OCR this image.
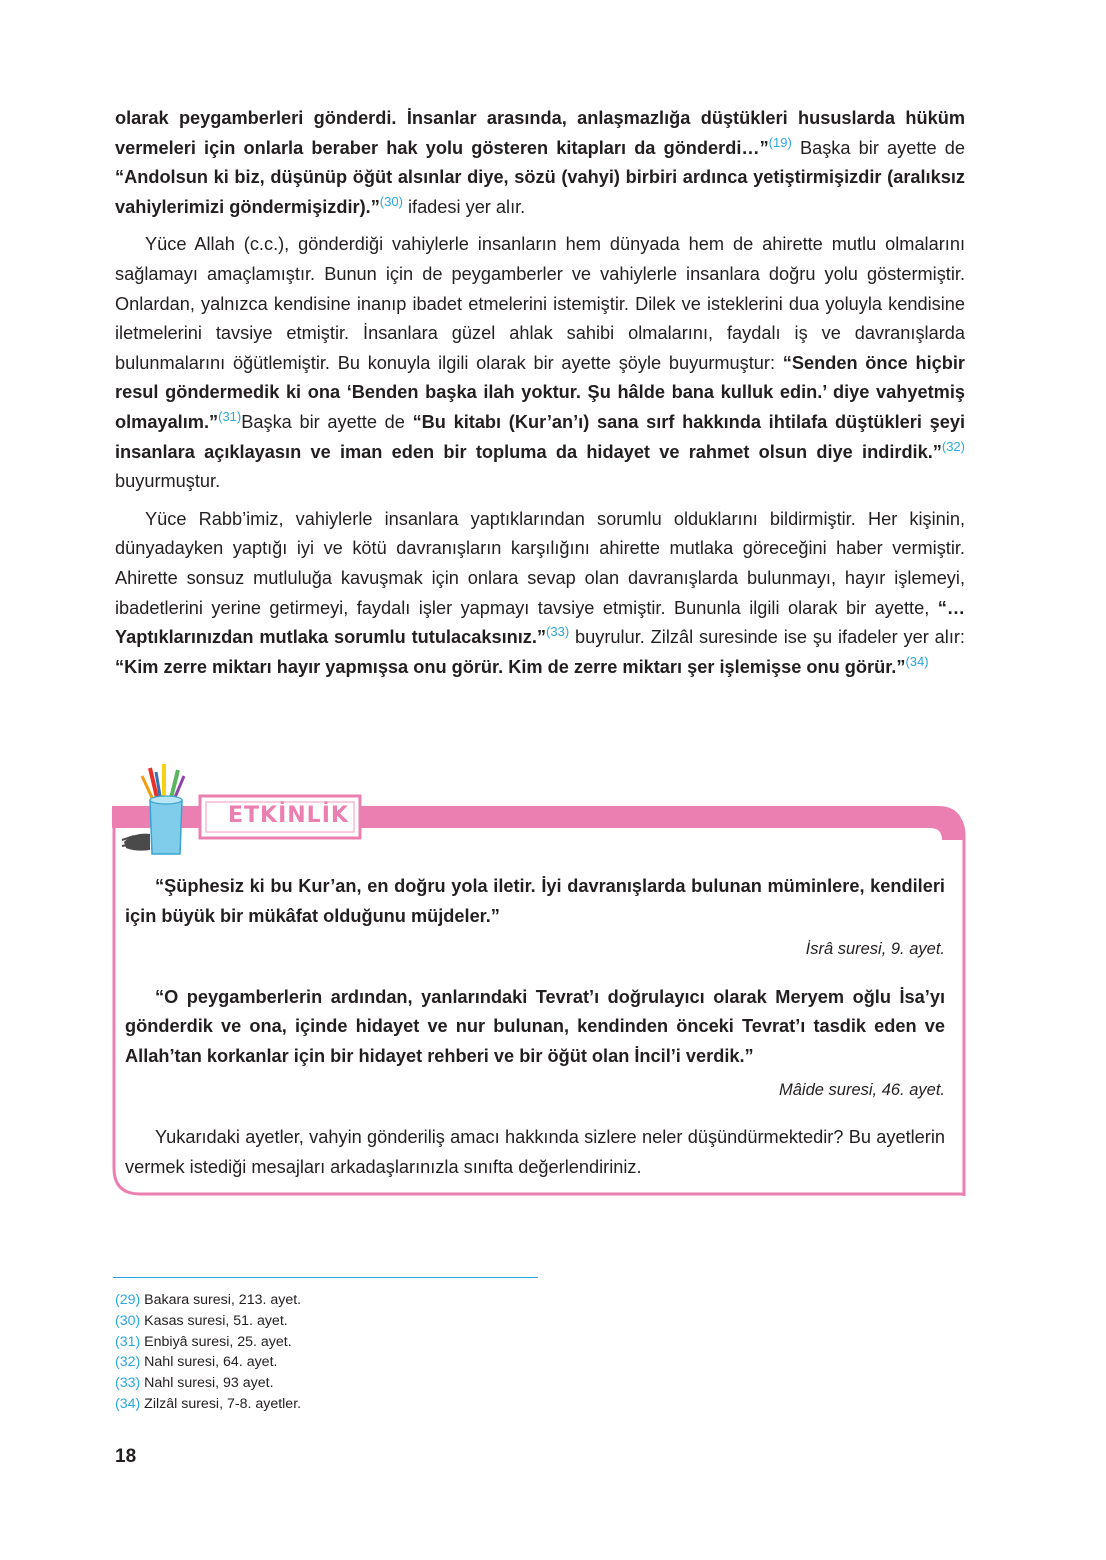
olarak peygamberleri gönderdi. İnsanlar arasında, anlaşmazlığa düştükleri hususlarda hüküm vermeleri için onlarla beraber hak yolu gösteren kitapları da gönderdi…”$^{(19)}$ Başka bir ayette de “Andolsun ki biz, düşünüp öğüt alsınlar diye, sözü (vahyi) birbiri ardınca yetiştirmişizdir (aralıksız vahiylerimizi göndermişizdir).”$^{(30)}$ ifadesi yer alır.

Yüce Allah (c.c.), gönderdiği vahiylerle insanların hem dünyada hem de ahirette mutlu olmalarını sağlamayı amaçlamıştır. Bunun için de peygamberler ve vahiylerle insanlara doğru yolu göstermiştir. Onlardan, yalnızca kendisine inanıp ibadet etmelerini istemiştir. Dilek ve isteklerini dua yoluyla kendisine iletmelerini tavsiye etmiştir. İnsanlara güzel ahlak sahibi olmalarını, faydalı iş ve davranışlarda bulunmalarını öğütlemiştir. Bu konuyla ilgili olarak bir ayette şöyle buyurmuştur: “Senden önce hiçbir resul göndermedik ki ona ‘Benden başka ilah yoktur. Şu hâlde bana kulluk edin.’ diye vahyetmiş olmayalım.”$^{(31)}$Başka bir ayette de “Bu kitabı (Kur’an’ı) sana sırf hakkında ihtilafa düştükleri şeyi insanlara açıklayasın ve iman eden bir topluma da hidayet ve rahmet olsun diye indirdik.”$^{(32)}$ buyurmuştur.

Yüce Rabb’imiz, vahiylerle insanlara yaptıklarından sorumlu olduklarını bildirmiştir. Her kişinin, dünyadayken yaptığı iyi ve kötü davranışların karşılığını ahirette mutlaka göreceğini haber vermiştir. Ahirette sonsuz mutluluğa kavuşmak için onlara sevap olan davranışlarda bulunmayı, hayır işlemeyi, ibadetlerini yerine getirmeyi, faydalı işler yapmayı tavsiye etmiştir. Bununla ilgili olarak bir ayette, “…Yaptıklarınızdan mutlaka sorumlu tutulacaksınız.”$^{(33)}$ buyrulur. Zilzâl suresinde ise şu ifadeler yer alır: “Kim zerre miktarı hayır yapmışsa onu görür. Kim de zerre miktarı şer işlemişse onu görür.”$^{(34)}$

ETKİNLİK

“Şüphesiz ki bu Kur’an, en doğru yola iletir. İyi davranışlarda bulunan müminlere, kendileri için büyük bir mükâfat olduğunu müjdeler.”

İsrâ suresi, 9. ayet.

“O peygamberlerin ardından, yanlarındaki Tevrat’ı doğrulayıcı olarak Meryem oğlu İsa’yı gönderdik ve ona, içinde hidayet ve nur bulunan, kendinden önceki Tevrat’ı tasdik eden ve Allah’tan korkanlar için bir hidayet rehberi ve bir öğüt olan İncil’i verdik.”

Mâide suresi, 46. ayet.

Yukarıdaki ayetler, vahyin gönderiliş amacı hakkında sizlere neler düşündürmektedir? Bu ayetlerin vermek istediği mesajları arkadaşlarınızla sınıfta değerlendiriniz.

(29) Bakara suresi, 213. ayet.
(30) Kasas suresi, 51. ayet.
(31) Enbiyâ suresi, 25. ayet.
(32) Nahl suresi, 64. ayet.
(33) Nahl suresi, 93 ayet.
(34) Zilzâl suresi, 7-8. ayetler.
18
